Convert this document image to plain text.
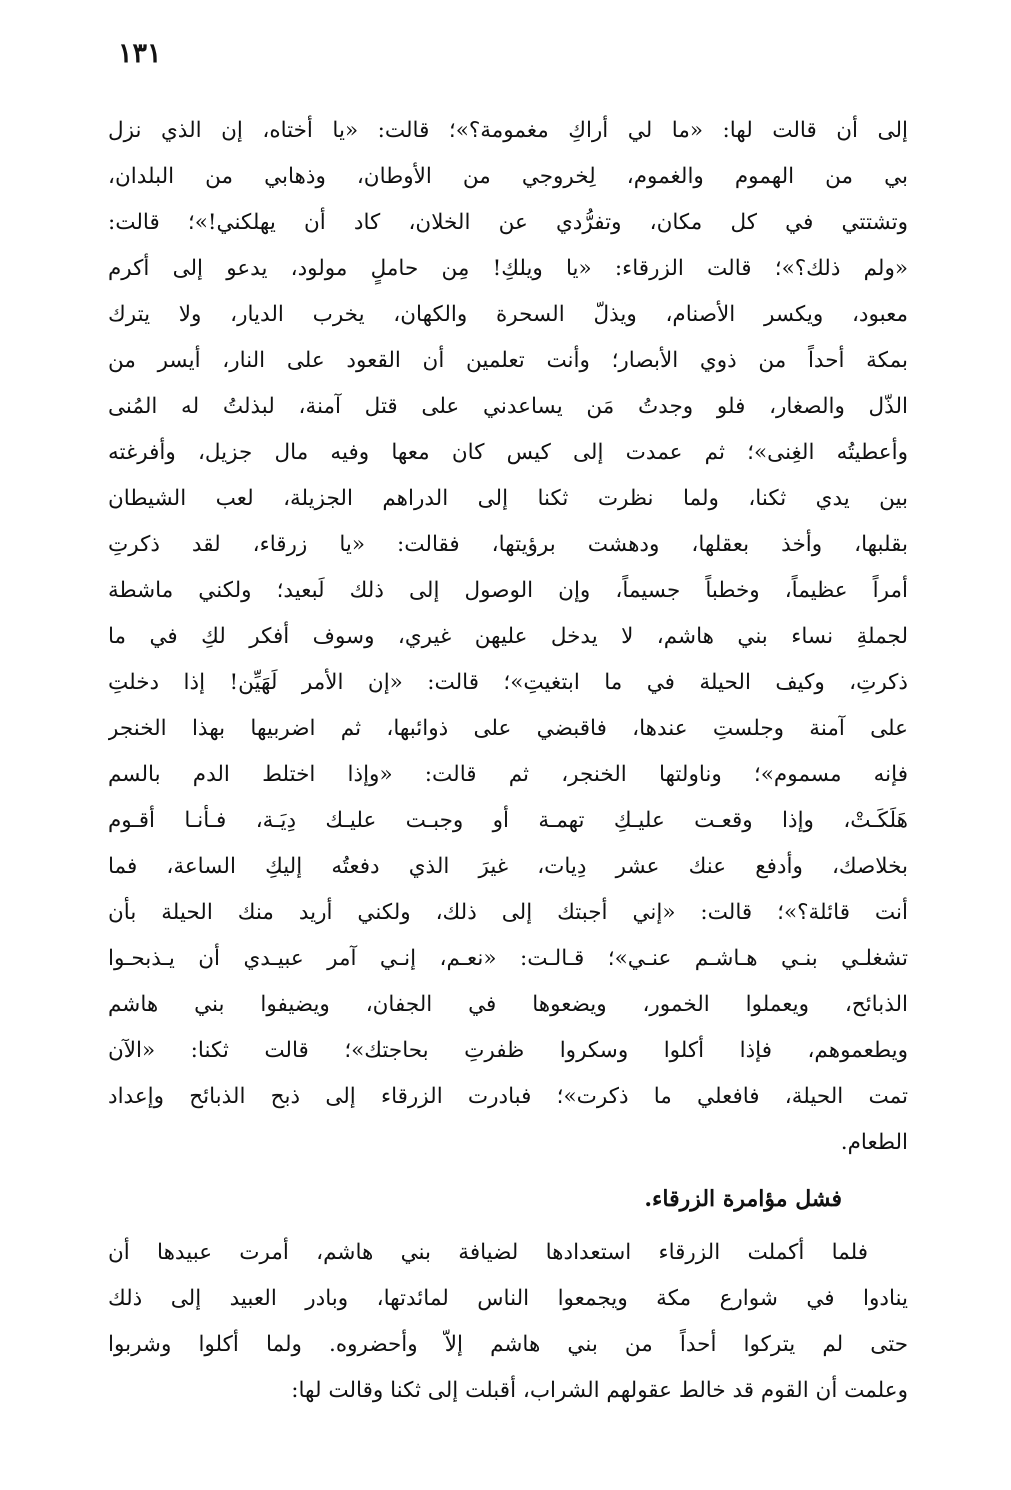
١٣١
إلى أن قالت لها: «ما لي أراكِ مغمومة؟»؛ قالت: «يا أختاه، إن الذي نزل
بي من الهموم والغموم، لِخروجي من الأوطان، وذهابي من البلدان،
وتشتتي في كل مكان، وتفرُّدي عن الخلان، كاد أن يهلكني!»؛ قالت:
«ولم ذلك؟»؛ قالت الزرقاء: «يا ويلكِ! مِن حاملٍ مولود، يدعو إلى أكرم
معبود، ويكسر الأصنام، ويذلّ السحرة والكهان، يخرب الديار، ولا يترك
بمكة أحداً من ذوي الأبصار؛ وأنت تعلمين أن القعود على النار، أيسر من
الذّل والصغار، فلو وجدتُ مَن يساعدني على قتل آمنة، لبذلتُ له المُنى
وأعطيتُه الغِنى»؛ ثم عمدت إلى كيس كان معها وفيه مال جزيل، وأفرغته
بين يدي ثكنا، ولما نظرت ثكنا إلى الدراهم الجزيلة، لعب الشيطان
بقلبها، وأخذ بعقلها، ودهشت برؤيتها، فقالت: «يا زرقاء، لقد ذكرتِ
أمراً عظيماً، وخطباً جسيماً، وإن الوصول إلى ذلك لَبعيد؛ ولكني ماشطة
لجملةِ نساء بني هاشم، لا يدخل عليهن غيري، وسوف أفكر لكِ في ما
ذكرتِ، وكيف الحيلة في ما ابتغيتِ»؛ قالت: «إن الأمر لَهَيِّن! إذا دخلتِ
على آمنة وجلستِ عندها، فاقبضي على ذوائبها، ثم اضربيها بهذا الخنجر
فإنه مسموم»؛ وناولتها الخنجر، ثم قالت: «وإذا اختلط الدم بالسم
هَلَكَـتْ، وإذا وقعـت عليـكِ تهمـة أو وجبـت عليـك دِيَـة، فـأنـا أقـوم
بخلاصك، وأدفع عنك عشر دِيات، غيرَ الذي دفعتُه إليكِ الساعة، فما
أنت قائلة؟»؛ قالت: «إني أجبتك إلى ذلك، ولكني أريد منك الحيلة بأن
تشغلـي بنـي هـاشـم عنـي»؛ قـالـت: «نعـم، إنـي آمر عبيـدي أن يـذبحـوا
الذبائح، ويعملوا الخمور، ويضعوها في الجفان، ويضيفوا بني هاشم
ويطعموهم، فإذا أكلوا وسكروا ظفرتِ بحاجتك»؛ قالت ثكنا: «الآن
تمت الحيلة، فافعلي ما ذكرت»؛ فبادرت الزرقاء إلى ذبح الذبائح وإعداد
الطعام.
فشل مؤامرة الزرقاء.
فلما أكملت الزرقاء استعدادها لضيافة بني هاشم، أمرت عبيدها أن
ينادوا في شوارع مكة ويجمعوا الناس لمائدتها، وبادر العبيد إلى ذلك
حتى لم يتركوا أحداً من بني هاشم إلاّ وأحضروه. ولما أكلوا وشربوا
وعلمت أن القوم قد خالط عقولهم الشراب، أقبلت إلى ثكنا وقالت لها:
